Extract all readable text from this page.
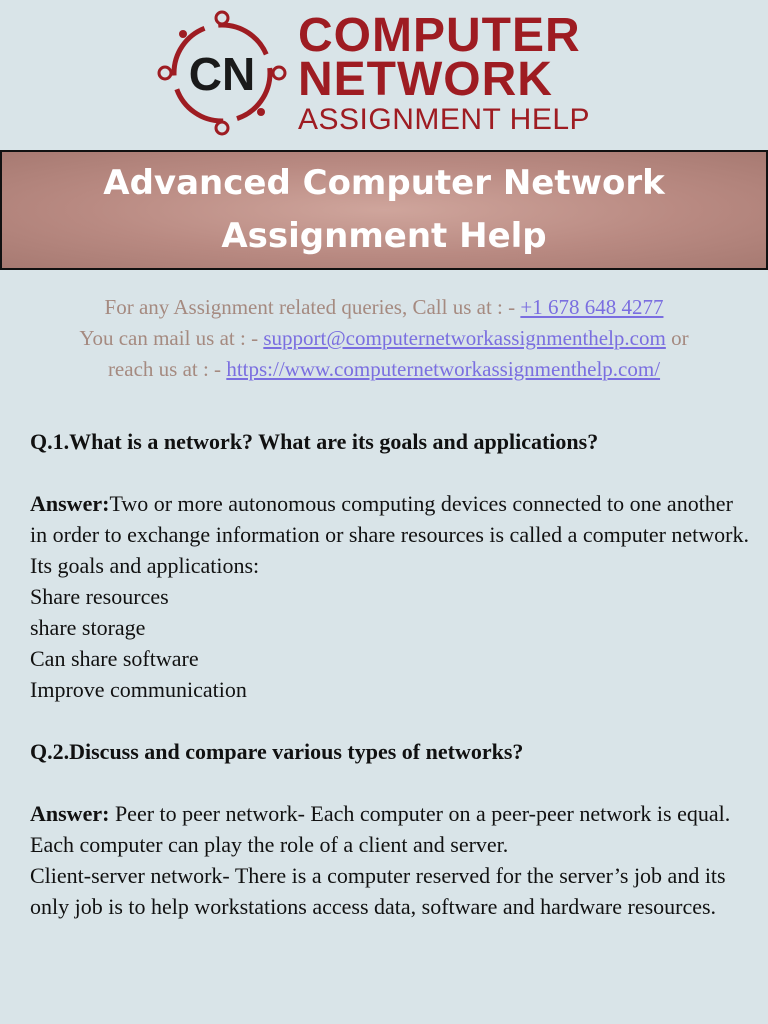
CN
COMPUTER
NETWORK
ASSIGNMENT HELP
Advanced Computer Network Assignment Help
For any Assignment related queries, Call us at : - +1 678 648 4277
You can mail us at : - support@computernetworkassignmenthelp.com or
reach us at : - https://www.computernetworkassignmenthelp.com/

Q.1.What is a network? What are its goals and applications?

Answer:Two or more autonomous computing devices connected to one another in order to exchange information or share resources is called a computer network.

Its goals and applications:

Share resources

share storage

Can share software

Improve communication

Q.2.Discuss and compare various types of networks?

Answer: Peer to peer network- Each computer on a peer-peer network is equal. Each computer can play the role of a client and server.

Client-server network- There is a computer reserved for the server’s job and its only job is to help workstations access data, software and hardware resources.
